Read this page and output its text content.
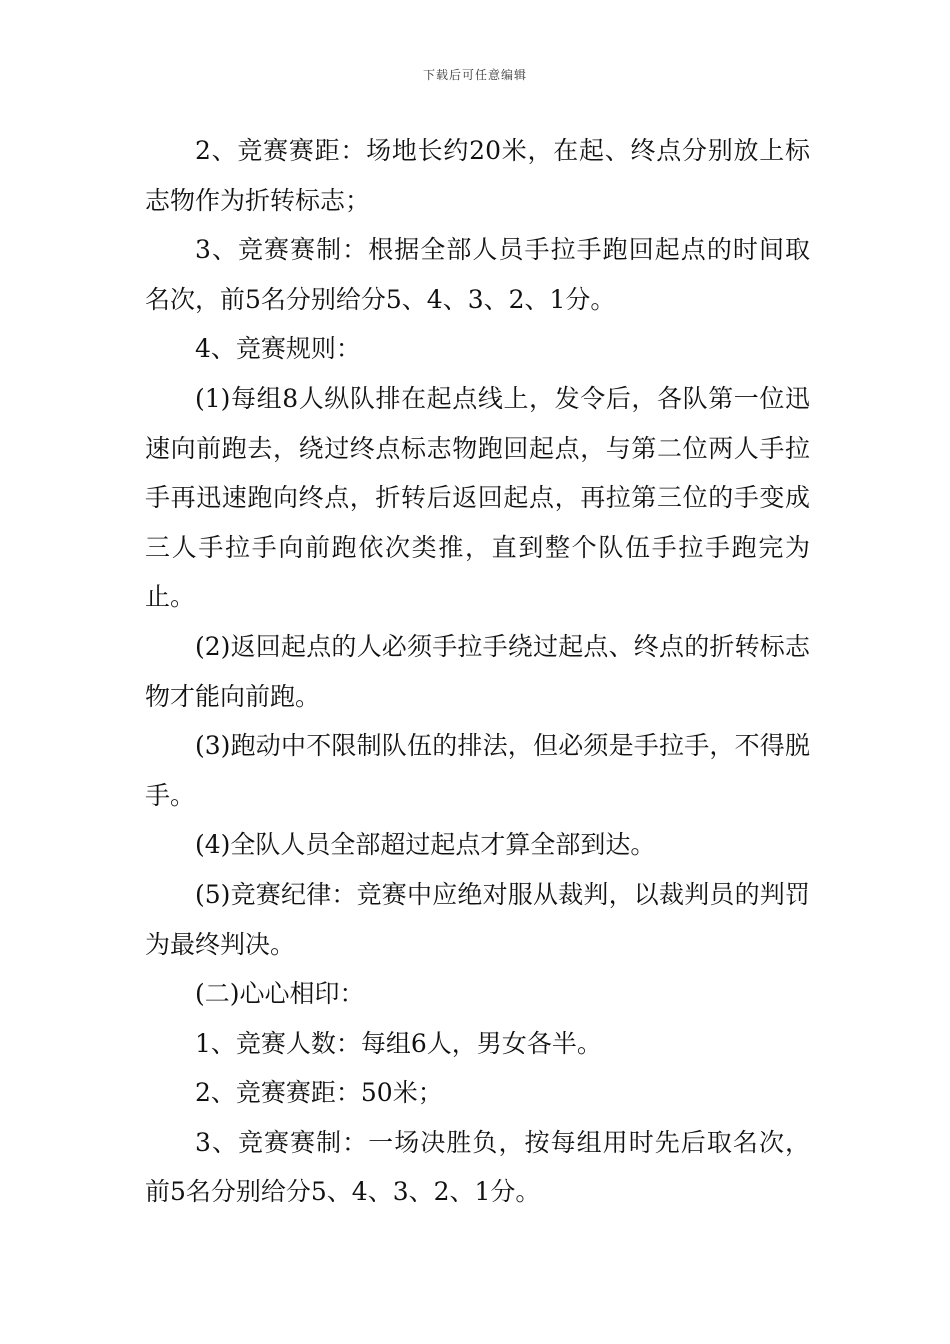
下载后可任意编辑

2、竞赛赛距：场地长约20米，在起、终点分别放上标志物作为折转标志；

3、竞赛赛制：根据全部人员手拉手跑回起点的时间取名次，前5名分别给分5、4、3、2、1分。

4、竞赛规则：

(1)每组8人纵队排在起点线上，发令后，各队第一位迅速向前跑去，绕过终点标志物跑回起点，与第二位两人手拉手再迅速跑向终点，折转后返回起点，再拉第三位的手变成三人手拉手向前跑依次类推，直到整个队伍手拉手跑完为止。

(2)返回起点的人必须手拉手绕过起点、终点的折转标志物才能向前跑。

(3)跑动中不限制队伍的排法，但必须是手拉手，不得脱手。

(4)全队人员全部超过起点才算全部到达。

(5)竞赛纪律：竞赛中应绝对服从裁判，以裁判员的判罚为最终判决。

(二)心心相印：

1、竞赛人数：每组6人，男女各半。

2、竞赛赛距：50米；

3、竞赛赛制：一场决胜负，按每组用时先后取名次，前5名分别给分5、4、3、2、1分。
